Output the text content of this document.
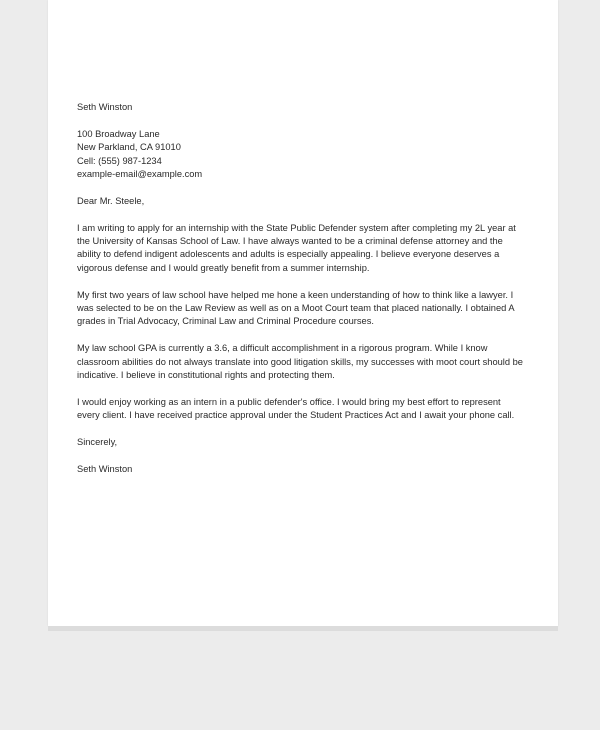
Seth Winston

100 Broadway Lane
New Parkland, CA 91010
Cell: (555) 987-1234
example-email@example.com

Dear Mr. Steele,

I am writing to apply for an internship with the State Public Defender system after completing my 2L year at
the University of Kansas School of Law. I have always wanted to be a criminal defense attorney and the
ability to defend indigent adolescents and adults is especially appealing. I believe everyone deserves a
vigorous defense and I would greatly benefit from a summer internship.
My first two years of law school have helped me hone a keen understanding of how to think like a lawyer. I
was selected to be on the Law Review as well as on a Moot Court team that placed nationally. I obtained A
grades in Trial Advocacy, Criminal Law and Criminal Procedure courses.
My law school GPA is currently a 3.6, a difficult accomplishment in a rigorous program. While I know
classroom abilities do not always translate into good litigation skills, my successes with moot court should be
indicative. I believe in constitutional rights and protecting them.
I would enjoy working as an intern in a public defender's office. I would bring my best effort to represent
every client. I have received practice approval under the Student Practices Act and I await your phone call.

Sincerely,

Seth Winston
